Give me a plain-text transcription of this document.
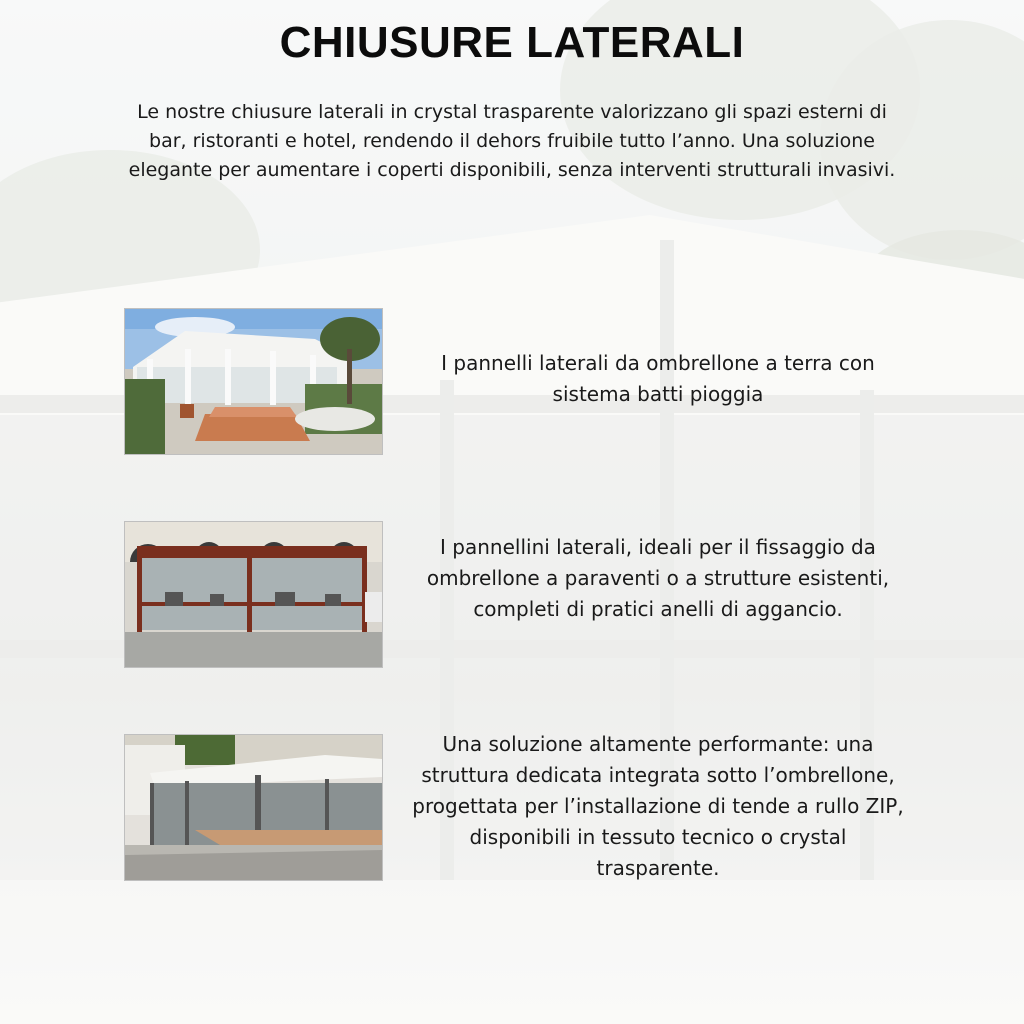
CHIUSURE LATERALI

Le nostre chiusure laterali in crystal trasparente valorizzano gli spazi esterni di bar, ristoranti e hotel, rendendo il dehors fruibile tutto l’anno. Una soluzione elegante per aumentare i coperti disponibili, senza interventi strutturali invasivi.

I pannelli laterali da ombrellone a terra con sistema batti pioggia

I pannellini laterali, ideali per il fissaggio da ombrellone a paraventi o a strutture esistenti, completi di pratici anelli di aggancio.

Una soluzione altamente performante: una struttura dedicata integrata sotto l’ombrellone, progettata per l’installazione di tende a rullo ZIP, disponibili in tessuto tecnico o crystal trasparente.
